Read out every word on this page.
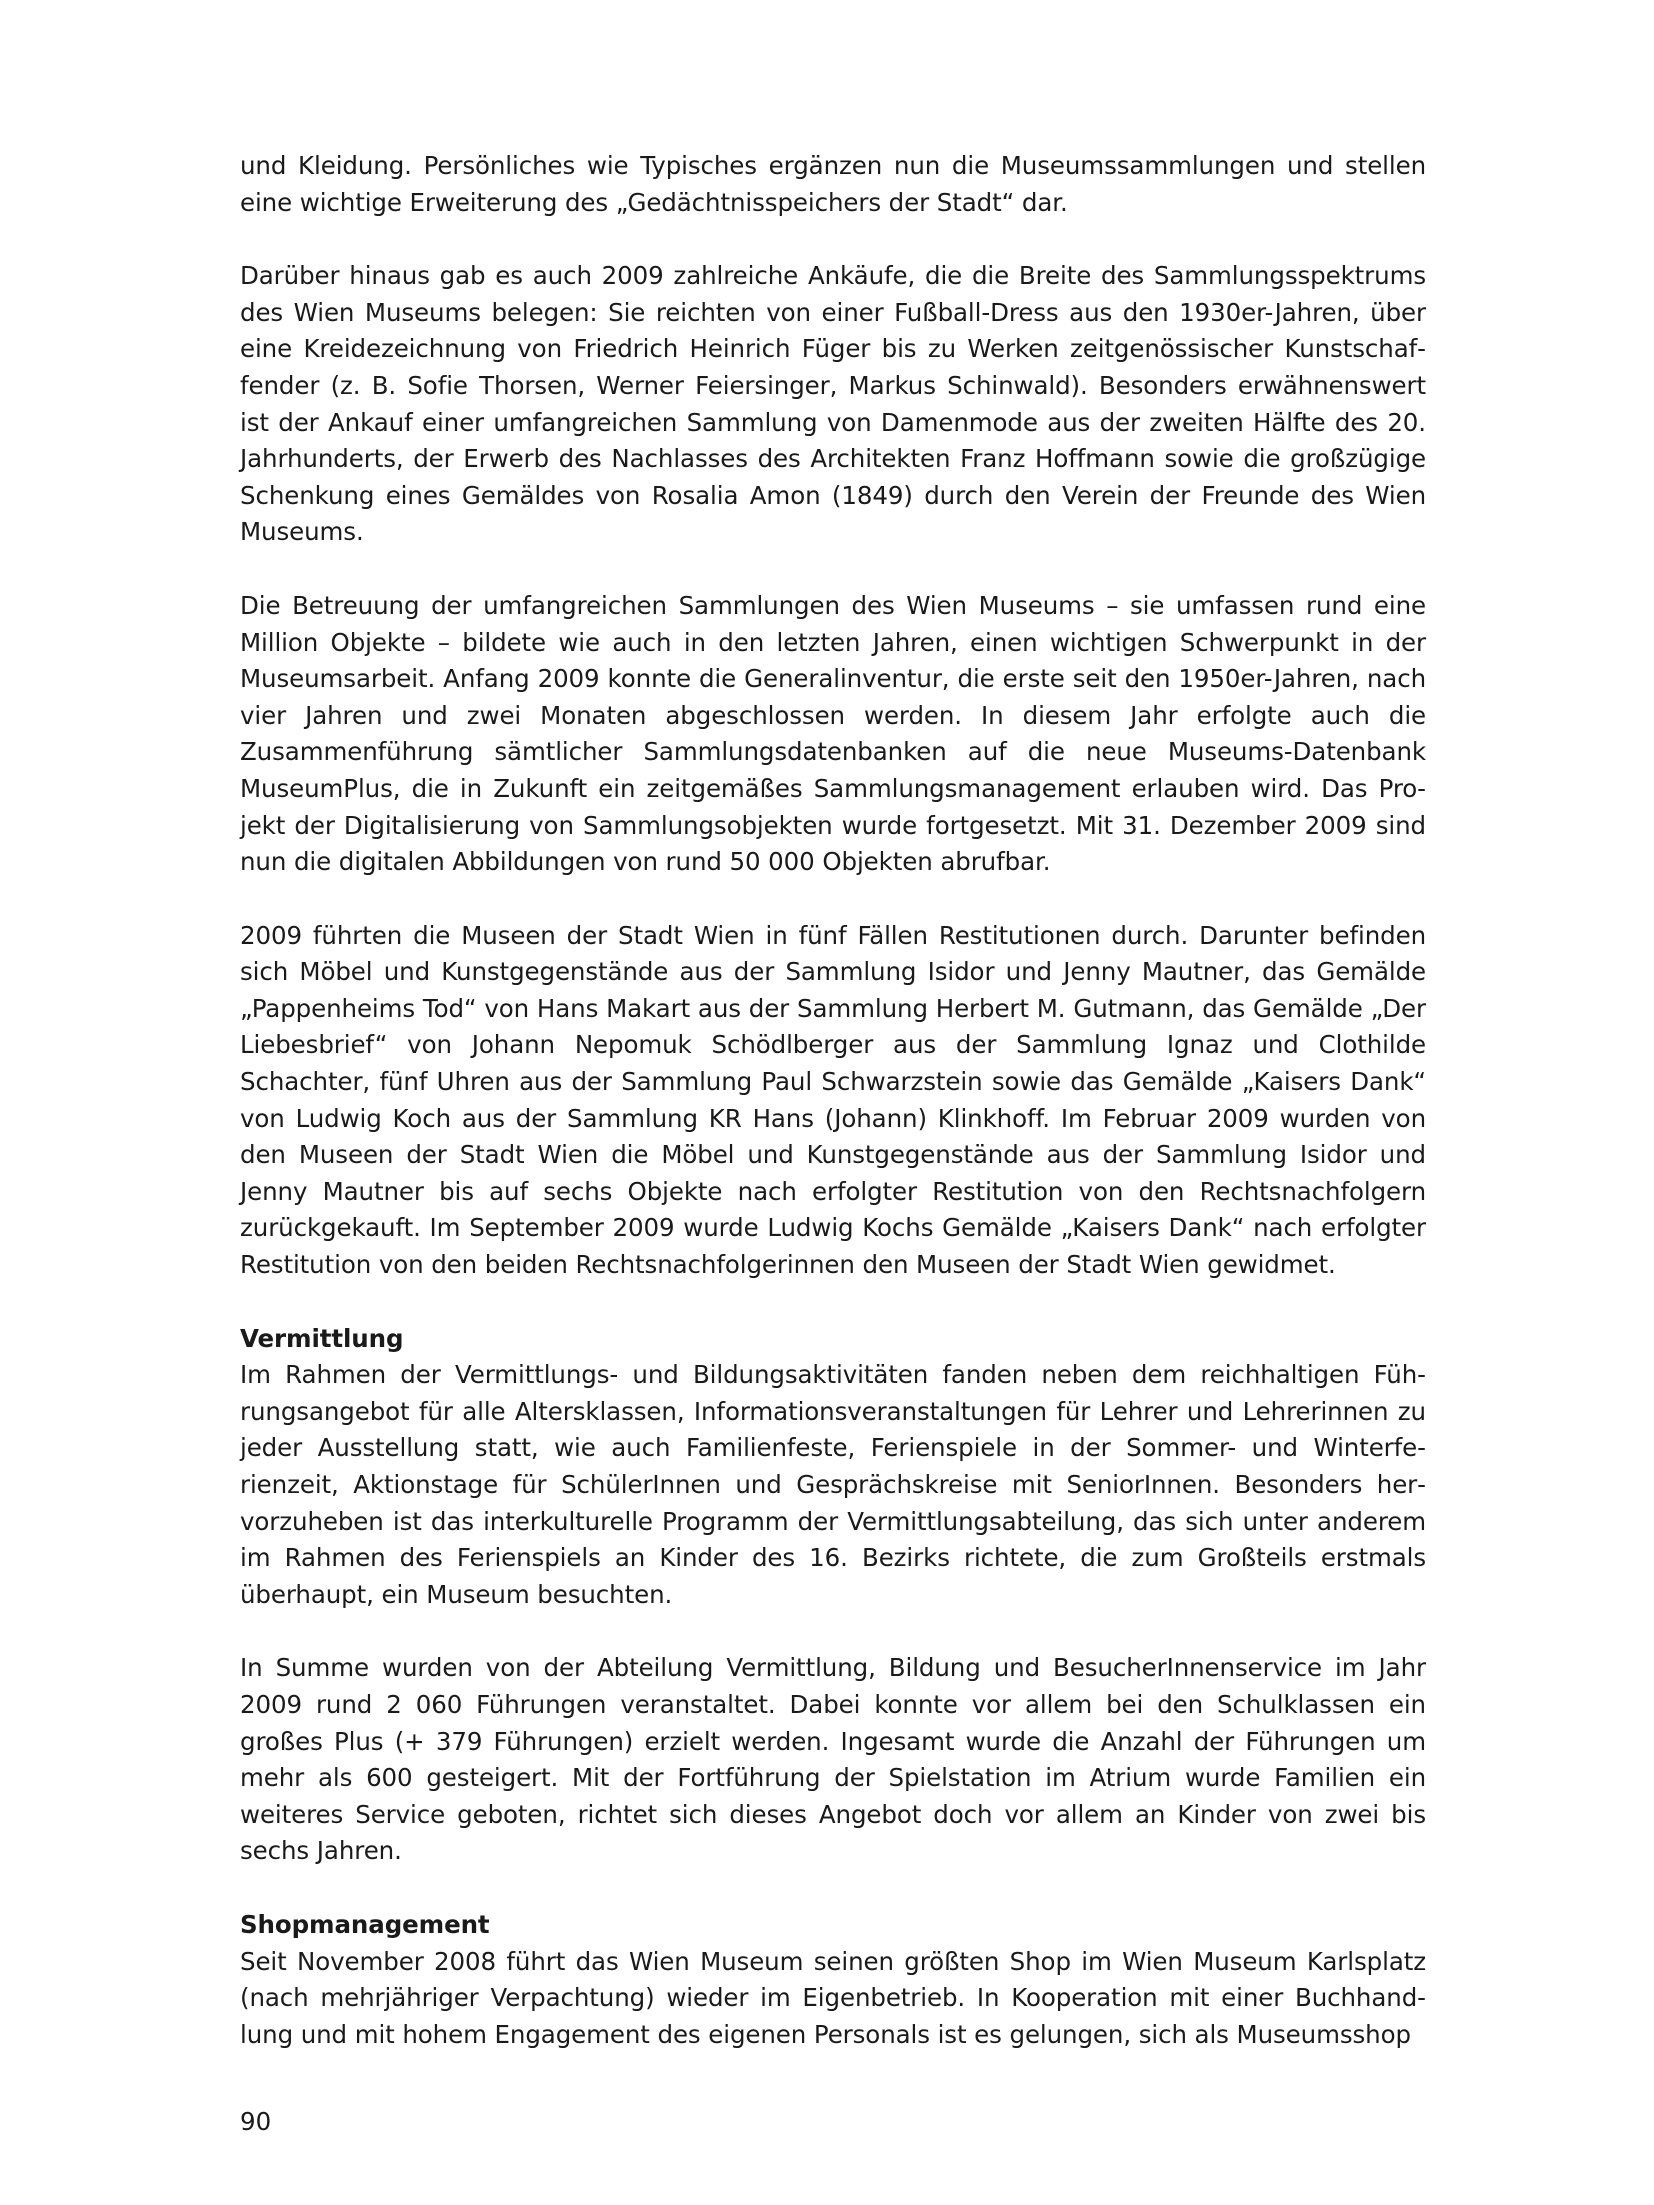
und Kleidung. Persönliches wie Typisches ergänzen nun die Museumssammlungen und stellen eine wichtige Erweiterung des „Gedächtnisspeichers der Stadt“ dar.

Darüber hinaus gab es auch 2009 zahlreiche Ankäufe, die die Breite des Sammlungsspektrums des Wien Museums belegen: Sie reichten von einer Fußball-Dress aus den 1930er-Jahren, über eine Kreidezeichnung von Friedrich Heinrich Füger bis zu Werken zeitgenössischer Kunstschaffender (z. B. Sofie Thorsen, Werner Feiersinger, Markus Schinwald). Besonders erwähnenswert ist der Ankauf einer umfangreichen Sammlung von Damenmode aus der zweiten Hälfte des 20. Jahrhunderts, der Erwerb des Nachlasses des Architekten Franz Hoffmann sowie die großzügige Schenkung eines Gemäldes von Rosalia Amon (1849) durch den Verein der Freunde des Wien Museums.

Die Betreuung der umfangreichen Sammlungen des Wien Museums – sie umfassen rund eine Million Objekte – bildete wie auch in den letzten Jahren, einen wichtigen Schwerpunkt in der Museumsarbeit. Anfang 2009 konnte die Generalinventur, die erste seit den 1950er-Jahren, nach vier Jahren und zwei Monaten abgeschlossen werden. In diesem Jahr erfolgte auch die Zusammenführung sämtlicher Sammlungsdatenbanken auf die neue Museums-Datenbank MuseumPlus, die in Zukunft ein zeitgemäßes Sammlungsmanagement erlauben wird. Das Projekt der Digitalisierung von Sammlungsobjekten wurde fortgesetzt. Mit 31. Dezember 2009 sind nun die digitalen Abbildungen von rund 50 000 Objekten abrufbar.

2009 führten die Museen der Stadt Wien in fünf Fällen Restitutionen durch. Darunter befinden sich Möbel und Kunstgegenstände aus der Sammlung Isidor und Jenny Mautner, das Gemälde „Pappenheims Tod“ von Hans Makart aus der Sammlung Herbert M. Gutmann, das Gemälde „Der Liebesbrief“ von Johann Nepomuk Schödlberger aus der Sammlung Ignaz und Clothilde Schachter, fünf Uhren aus der Sammlung Paul Schwarzstein sowie das Gemälde „Kaisers Dank“ von Ludwig Koch aus der Sammlung KR Hans (Johann) Klinkhoff. Im Februar 2009 wurden von den Museen der Stadt Wien die Möbel und Kunstgegenstände aus der Sammlung Isidor und Jenny Mautner bis auf sechs Objekte nach erfolgter Restitution von den Rechtsnachfolgern zurückgekauft. Im September 2009 wurde Ludwig Kochs Gemälde „Kaisers Dank“ nach erfolgter Restitution von den beiden Rechtsnachfolgerinnen den Museen der Stadt Wien gewidmet.

Vermittlung

Im Rahmen der Vermittlungs- und Bildungsaktivitäten fanden neben dem reichhaltigen Führungsangebot für alle Altersklassen, Informationsveranstaltungen für Lehrer und Lehrerinnen zu jeder Ausstellung statt, wie auch Familienfeste, Ferienspiele in der Sommer- und Winterferienzeit, Aktionstage für SchülerInnen und Gesprächskreise mit SeniorInnen. Besonders hervorzuheben ist das interkulturelle Programm der Vermittlungsabteilung, das sich unter anderem im Rahmen des Ferienspiels an Kinder des 16. Bezirks richtete, die zum Großteils erstmals überhaupt, ein Museum besuchten.

In Summe wurden von der Abteilung Vermittlung, Bildung und BesucherInnenservice im Jahr 2009 rund 2 060 Führungen veranstaltet. Dabei konnte vor allem bei den Schulklassen ein großes Plus (+ 379 Führungen) erzielt werden. Ingesamt wurde die Anzahl der Führungen um mehr als 600 gesteigert. Mit der Fortführung der Spielstation im Atrium wurde Familien ein weiteres Service geboten, richtet sich dieses Angebot doch vor allem an Kinder von zwei bis sechs Jahren.

Shopmanagement

Seit November 2008 führt das Wien Museum seinen größten Shop im Wien Museum Karlsplatz (nach mehrjähriger Verpachtung) wieder im Eigenbetrieb. In Kooperation mit einer Buchhandlung und mit hohem Engagement des eigenen Personals ist es gelungen, sich als Museumsshop

90
